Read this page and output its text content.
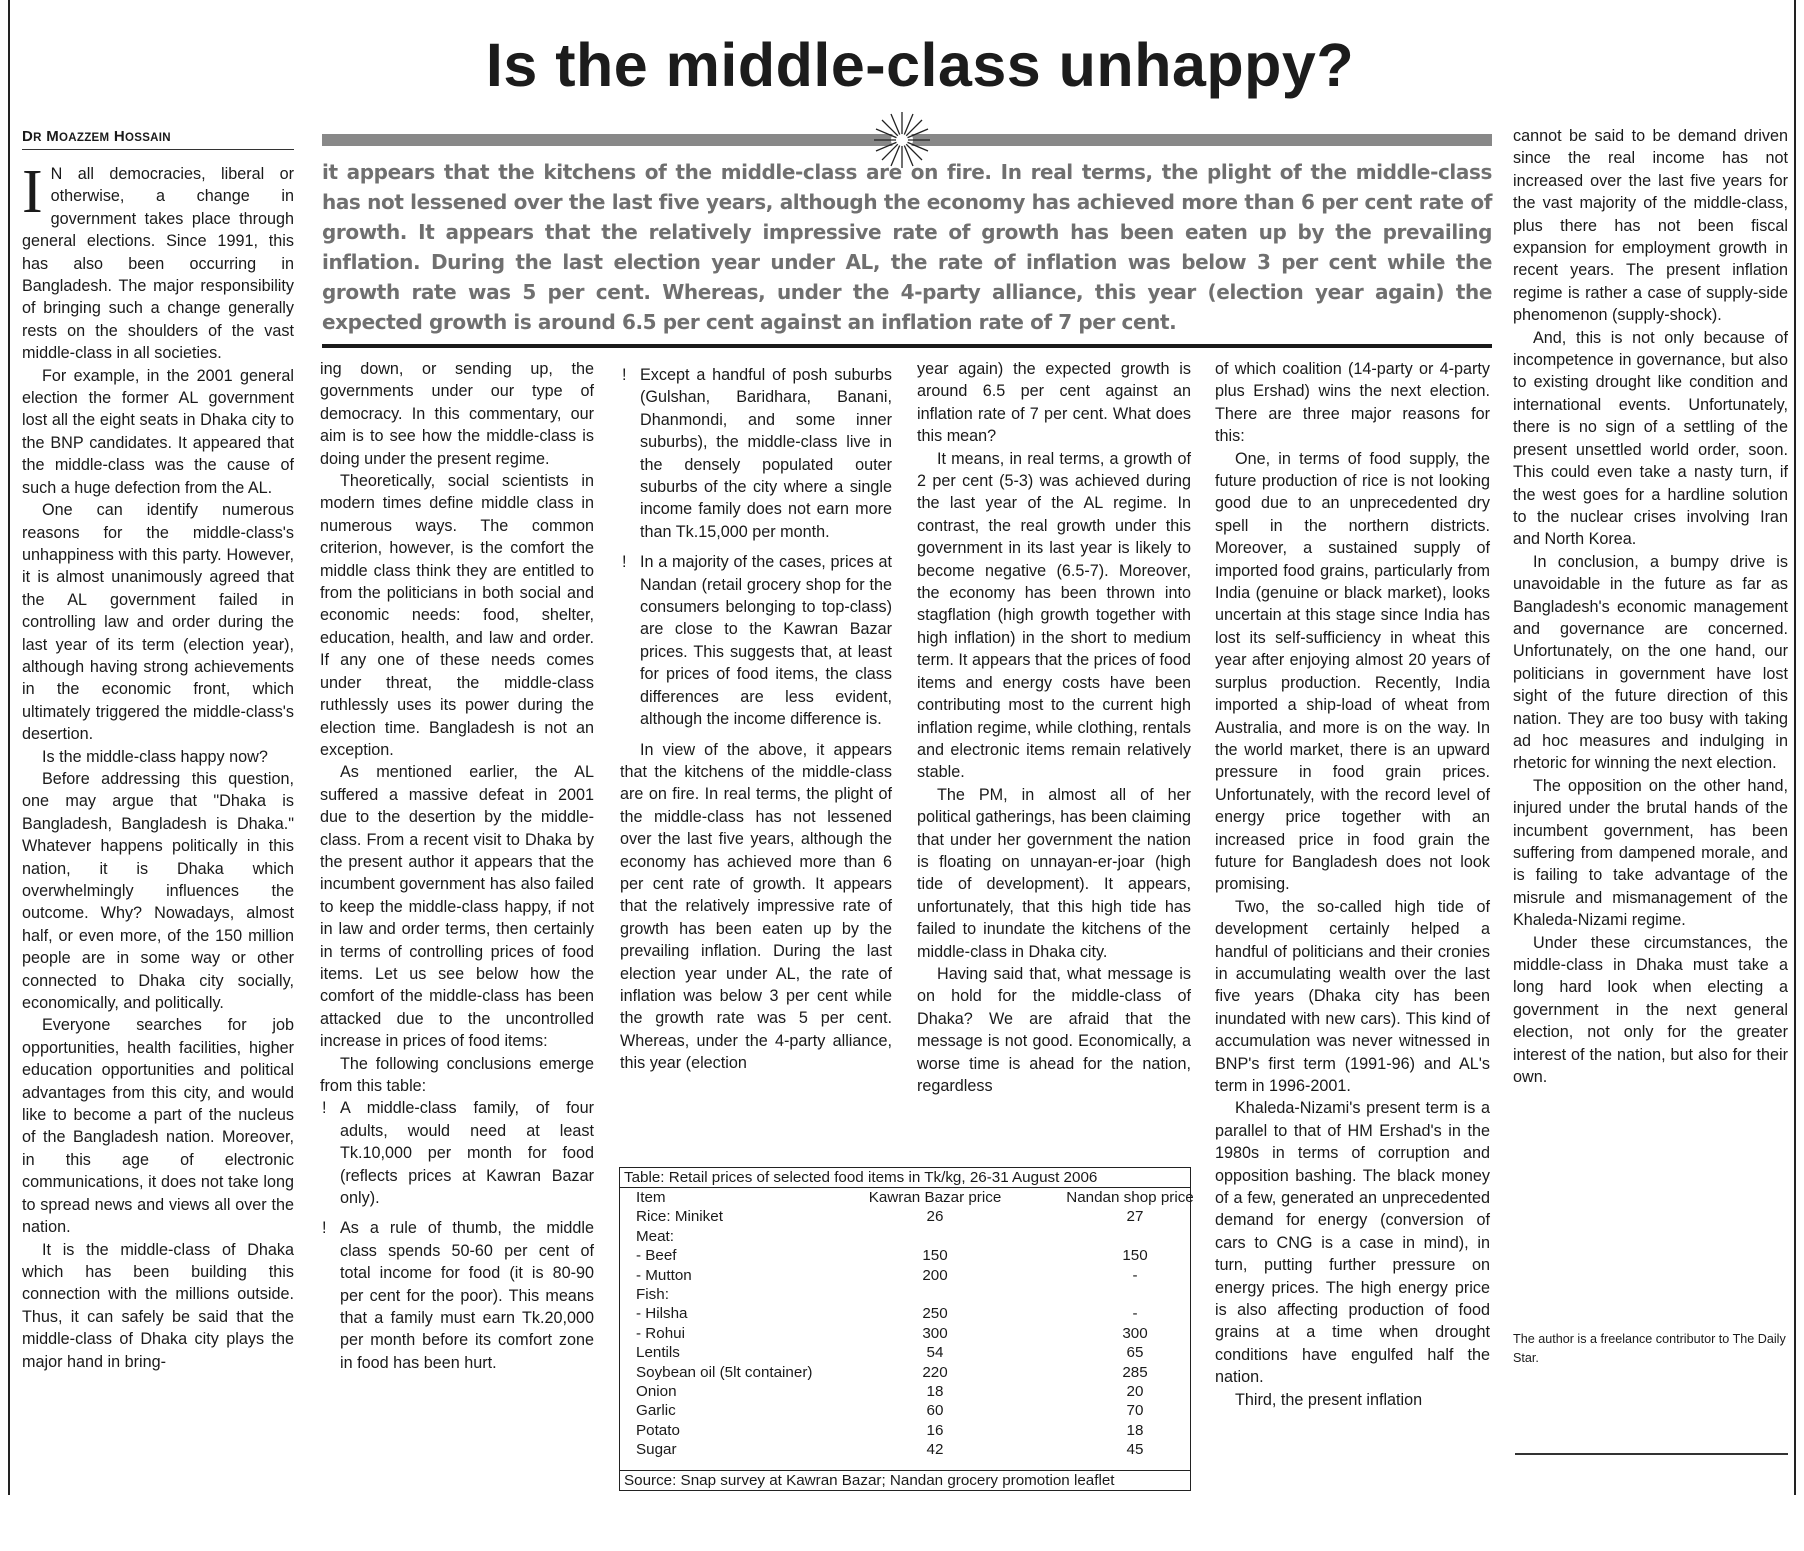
Is the middle-class unhappy?
DR MOAZZEM HOSSAIN
it appears that the kitchens of the middle-class are on fire. In real terms, the plight of the middle-class has not lessened over the last five years, although the economy has achieved more than 6 per cent rate of growth. It appears that the relatively impressive rate of growth has been eaten up by the prevailing inflation. During the last election year under AL, the rate of inflation was below 3 per cent while the growth rate was 5 per cent. Whereas, under the 4-party alliance, this year (election year again) the expected growth is around 6.5 per cent against an inflation rate of 7 per cent.

I N all democracies, liberal or otherwise, a change in government takes place through general elections. Since 1991, this has also been occurring in Bangladesh. The major responsibility of bringing such a change generally rests on the shoulders of the vast middle-class in all societies.

For example, in the 2001 general election the former AL government lost all the eight seats in Dhaka city to the BNP candidates. It appeared that the middle-class was the cause of such a huge defection from the AL.

One can identify numerous reasons for the middle-class's unhappiness with this party. However, it is almost unanimously agreed that the AL government failed in controlling law and order during the last year of its term (election year), although having strong achievements in the economic front, which ultimately triggered the middle-class's desertion.

Is the middle-class happy now?

Before addressing this question, one may argue that "Dhaka is Bangladesh, Bangladesh is Dhaka." Whatever happens politically in this nation, it is Dhaka which overwhelmingly influences the outcome. Why? Nowadays, almost half, or even more, of the 150 million people are in some way or other connected to Dhaka city socially, economically, and politically.

Everyone searches for job opportunities, health facilities, higher education opportunities and political advantages from this city, and would like to become a part of the nucleus of the Bangladesh nation. Moreover, in this age of electronic communications, it does not take long to spread news and views all over the nation.

It is the middle-class of Dhaka which has been building this connection with the millions outside. Thus, it can safely be said that the middle-class of Dhaka city plays the major hand in bring-

ing down, or sending up, the governments under our type of democracy. In this commentary, our aim is to see how the middle-class is doing under the present regime.

Theoretically, social scientists in modern times define middle class in numerous ways. The common criterion, however, is the comfort the middle class think they are entitled to from the politicians in both social and economic needs: food, shelter, education, health, and law and order. If any one of these needs comes under threat, the middle-class ruthlessly uses its power during the election time. Bangladesh is not an exception.

As mentioned earlier, the AL suffered a massive defeat in 2001 due to the desertion by the middle-class. From a recent visit to Dhaka by the present author it appears that the incumbent government has also failed to keep the middle-class happy, if not in law and order terms, then certainly in terms of controlling prices of food items. Let us see below how the comfort of the middle-class has been attacked due to the uncontrolled increase in prices of food items:

The following conclusions emerge from this table:

! A middle-class family, of four adults, would need at least Tk.10,000 per month for food (reflects prices at Kawran Bazar only).

! As a rule of thumb, the middle class spends 50-60 per cent of total income for food (it is 80-90 per cent for the poor). This means that a family must earn Tk.20,000 per month before its comfort zone in food has been hurt.

! Except a handful of posh suburbs (Gulshan, Baridhara, Banani, Dhanmondi, and some inner suburbs), the middle-class live in the densely populated outer suburbs of the city where a single income family does not earn more than Tk.15,000 per month.

! In a majority of the cases, prices at Nandan (retail grocery shop for the consumers belonging to top-class) are close to the Kawran Bazar prices. This suggests that, at least for prices of food items, the class differences are less evident, although the income difference is.

In view of the above, it appears that the kitchens of the middle-class are on fire. In real terms, the plight of the middle-class has not lessened over the last five years, although the economy has achieved more than 6 per cent rate of growth. It appears that the relatively impressive rate of growth has been eaten up by the prevailing inflation. During the last election year under AL, the rate of inflation was below 3 per cent while the growth rate was 5 per cent. Whereas, under the 4-party alliance, this year (election

year again) the expected growth is around 6.5 per cent against an inflation rate of 7 per cent. What does this mean?

It means, in real terms, a growth of 2 per cent (5-3) was achieved during the last year of the AL regime. In contrast, the real growth under this government in its last year is likely to become negative (6.5-7). Moreover, the economy has been thrown into stagflation (high growth together with high inflation) in the short to medium term. It appears that the prices of food items and energy costs have been contributing most to the current high inflation regime, while clothing, rentals and electronic items remain relatively stable.

The PM, in almost all of her political gatherings, has been claiming that under her government the nation is floating on unnayan-er-joar (high tide of development). It appears, unfortunately, that this high tide has failed to inundate the kitchens of the middle-class in Dhaka city.

Having said that, what message is on hold for the middle-class of Dhaka? We are afraid that the message is not good. Economically, a worse time is ahead for the nation, regardless

of which coalition (14-party or 4-party plus Ershad) wins the next election. There are three major reasons for this:

One, in terms of food supply, the future production of rice is not looking good due to an unprecedented dry spell in the northern districts. Moreover, a sustained supply of imported food grains, particularly from India (genuine or black market), looks uncertain at this stage since India has lost its self-sufficiency in wheat this year after enjoying almost 20 years of surplus production. Recently, India imported a ship-load of wheat from Australia, and more is on the way. In the world market, there is an upward pressure in food grain prices. Unfortunately, with the record level of energy price together with an increased price in food grain the future for Bangladesh does not look promising.

Two, the so-called high tide of development certainly helped a handful of politicians and their cronies in accumulating wealth over the last five years (Dhaka city has been inundated with new cars). This kind of accumulation was never witnessed in BNP's first term (1991-96) and AL's term in 1996-2001.

Khaleda-Nizami's present term is a parallel to that of HM Ershad's in the 1980s in terms of corruption and opposition bashing. The black money of a few, generated an unprecedented demand for energy (conversion of cars to CNG is a case in mind), in turn, putting further pressure on energy prices. The high energy price is also affecting production of food grains at a time when drought conditions have engulfed half the nation.

Third, the present inflation

cannot be said to be demand driven since the real income has not increased over the last five years for the vast majority of the middle-class, plus there has not been fiscal expansion for employment growth in recent years. The present inflation regime is rather a case of supply-side phenomenon (supply-shock).

And, this is not only because of incompetence in governance, but also to existing drought like condition and international events. Unfortunately, there is no sign of a settling of the present unsettled world order, soon. This could even take a nasty turn, if the west goes for a hardline solution to the nuclear crises involving Iran and North Korea.

In conclusion, a bumpy drive is unavoidable in the future as far as Bangladesh's economic management and governance are concerned. Unfortunately, on the one hand, our politicians in government have lost sight of the future direction of this nation. They are too busy with taking ad hoc measures and indulging in rhetoric for winning the next election.

The opposition on the other hand, injured under the brutal hands of the incumbent government, has been suffering from dampened morale, and is failing to take advantage of the misrule and mismanagement of the Khaleda-Nizami regime.

Under these circumstances, the middle-class in Dhaka must take a long hard look when electing a government in the next general election, not only for the greater interest of the nation, but also for their own.

The author is a freelance contributor to The Daily Star.
Table: Retail prices of selected food items in Tk/kg, 26-31 August 2006
Item	Kawran Bazar price	Nandan shop price
Rice: Miniket	26	27
Meat:
- Beef	150	150
- Mutton	200	-
Fish:
- Hilsha	250	-
- Rohui	300	300
Lentils	54	65
Soybean oil (5lt container)	220	285
Onion	18	20
Garlic	60	70
Potato	16	18
Sugar	42	45
Source: Snap survey at Kawran Bazar; Nandan grocery promotion leaflet
